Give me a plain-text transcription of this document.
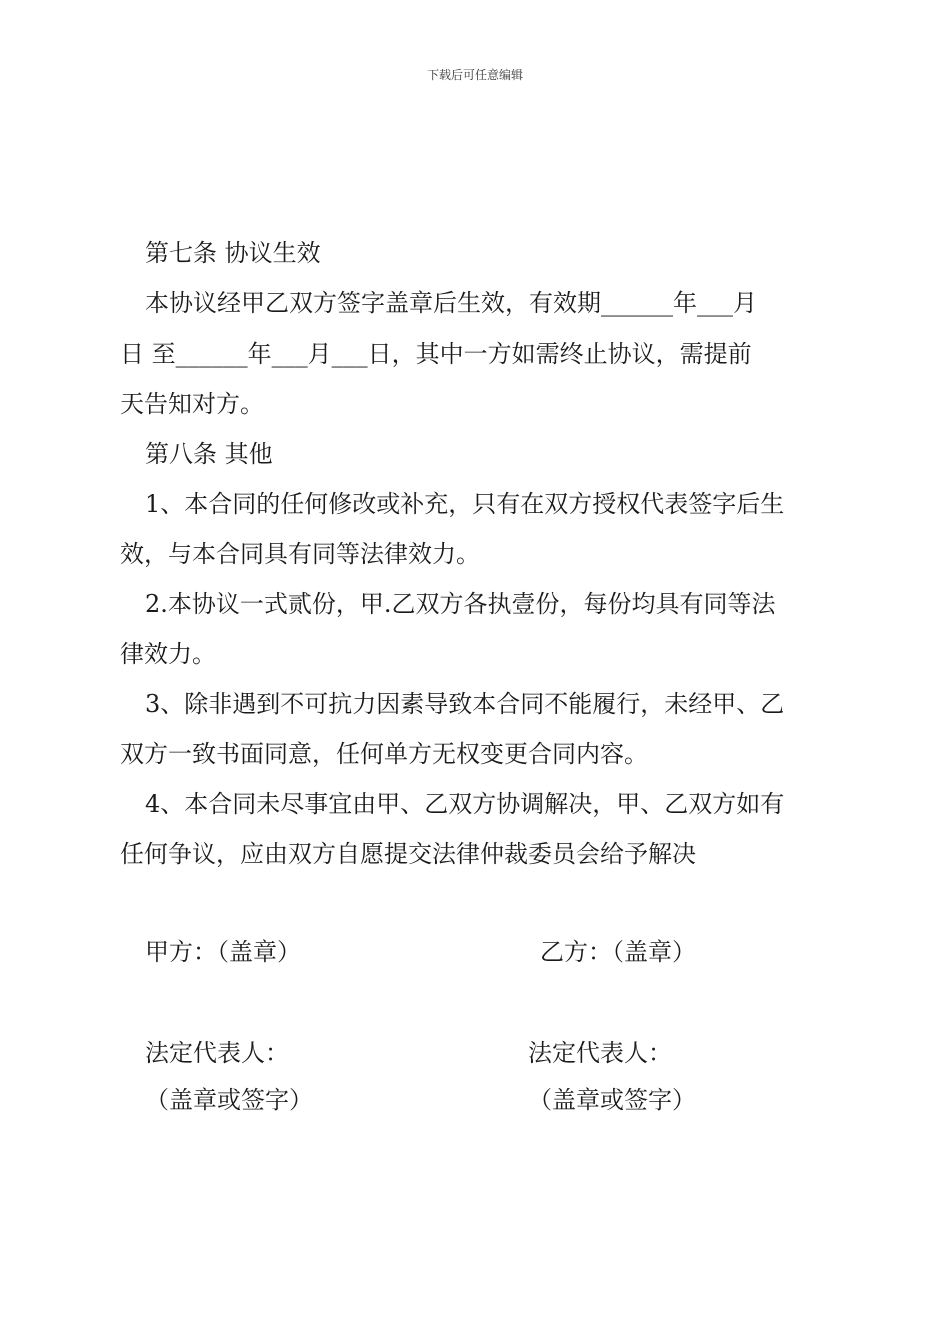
下载后可任意编辑
第七条 协议生效
本协议经甲乙双方签字盖章后生效，有效期______年___月
日 至______年___月___日，其中一方如需终止协议，需提前
天告知对方。
第八条 其他
1、本合同的任何修改或补充，只有在双方授权代表签字后生
效，与本合同具有同等法律效力。
2.本协议一式贰份，甲.乙双方各执壹份，每份均具有同等法
律效力。
3、除非遇到不可抗力因素导致本合同不能履行，未经甲、乙
双方一致书面同意，任何单方无权变更合同内容。
4、本合同未尽事宜由甲、乙双方协调解决，甲、乙双方如有
任何争议，应由双方自愿提交法律仲裁委员会给予解决
甲方：（盖章）	乙方：（盖章）
法定代表人：	法定代表人：
（盖章或签字）	（盖章或签字）
